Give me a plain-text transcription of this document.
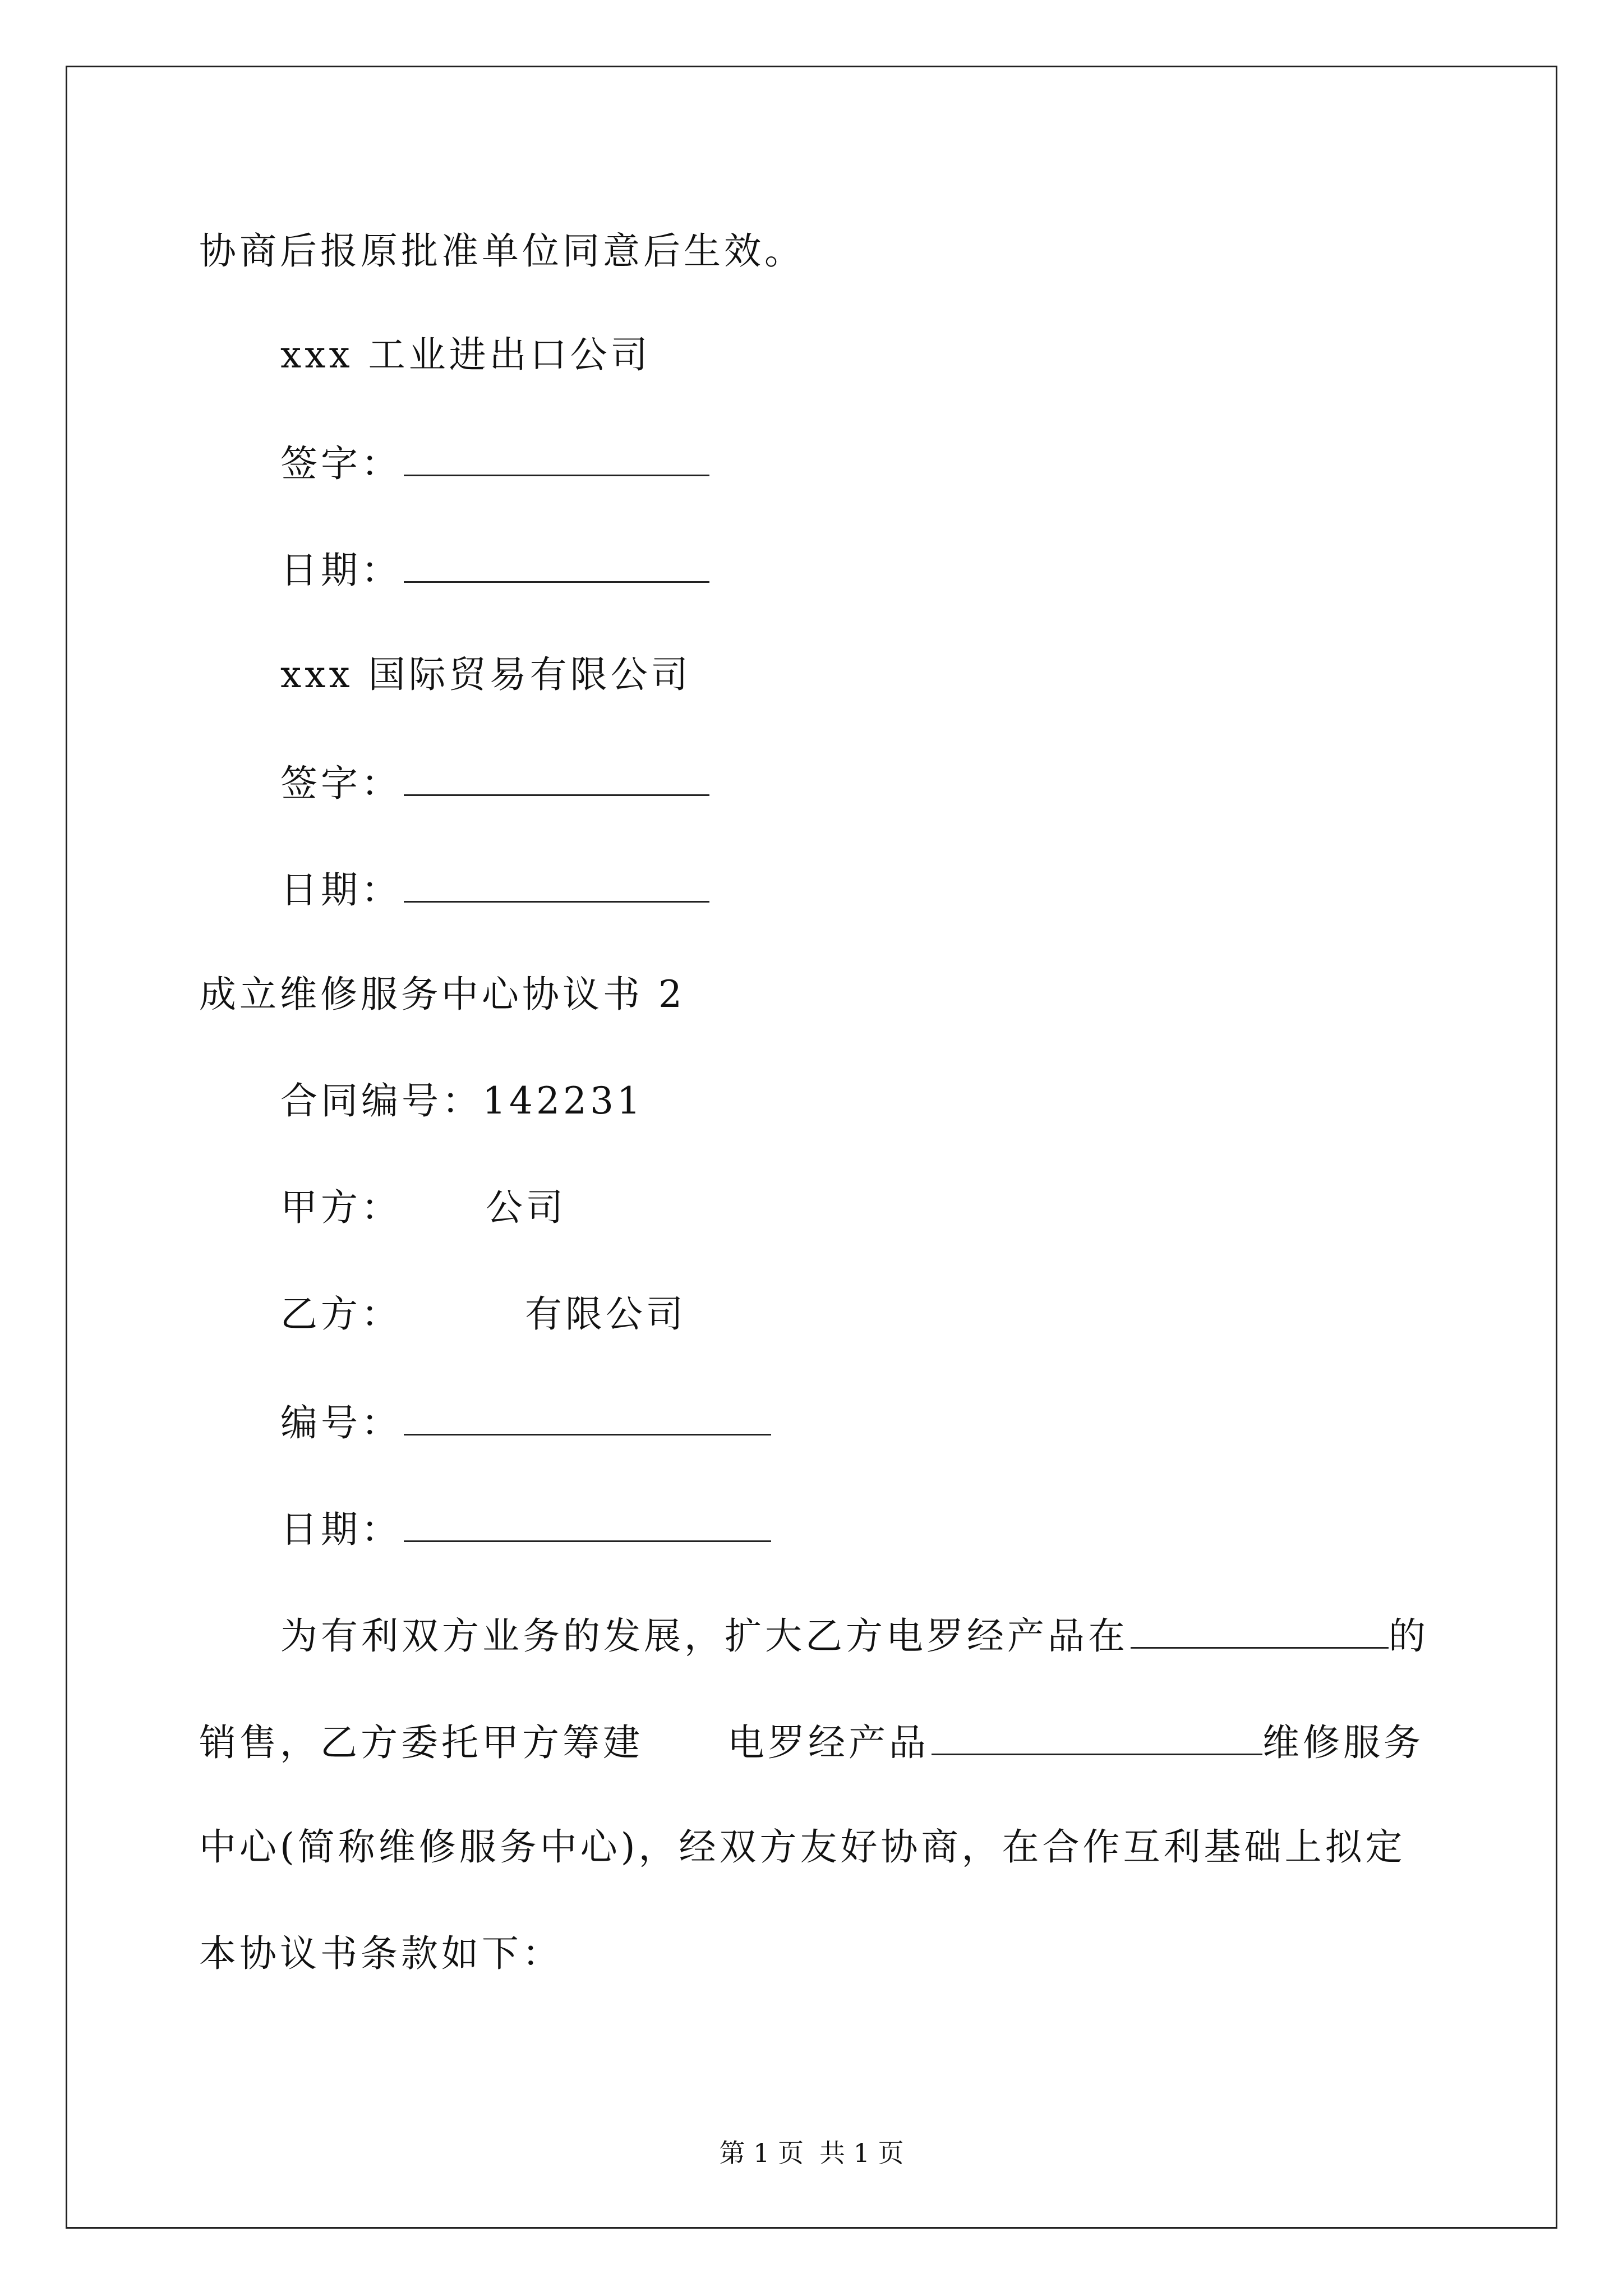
协商后报原批准单位同意后生效。
xxx 工业进出口公司
签字：
日期：
xxx 国际贸易有限公司
签字：
日期：
成立维修服务中心协议书 2
合同编号：142231
甲方： 公司
乙方：	有限公司
编号：
日期：
为有利双方业务的发展，扩大乙方电罗经产品在	的
销售，乙方委托甲方筹建 电罗经产品	维修服务
中心(简称维修服务中心)，经双方友好协商，在合作互利基础上拟定
本协议书条款如下：
第 1 页 共 1 页
